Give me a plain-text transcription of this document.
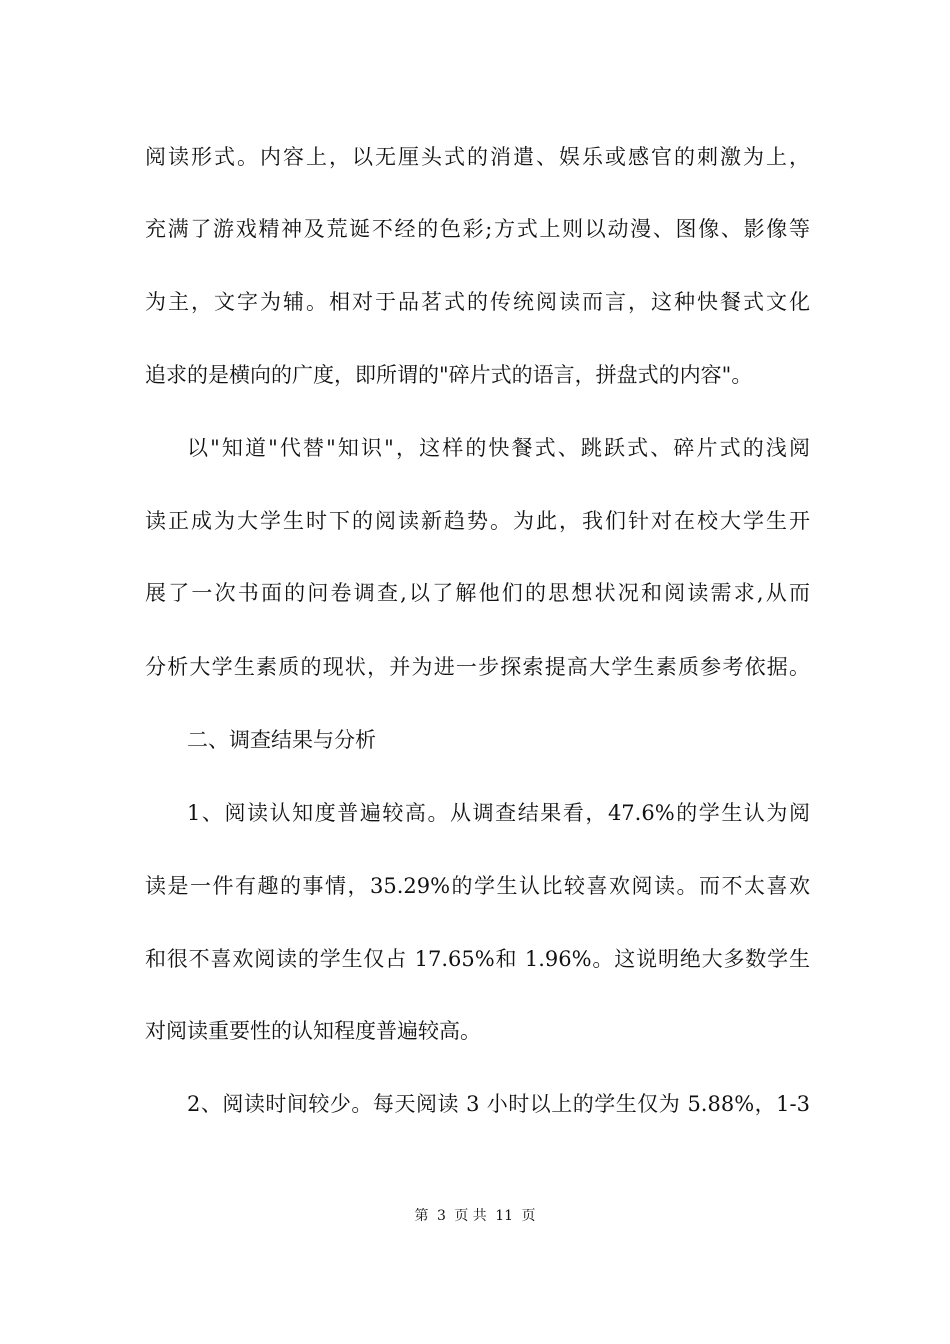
阅读形式。内容上，以无厘头式的消遣、娱乐或感官的刺激为上，
充满了游戏精神及荒诞不经的色彩;方式上则以动漫、图像、影像等
为主，文字为辅。相对于品茗式的传统阅读而言，这种快餐式文化
追求的是横向的广度，即所谓的"碎片式的语言，拼盘式的内容"。
以"知道"代替"知识"，这样的快餐式、跳跃式、碎片式的浅阅
读正成为大学生时下的阅读新趋势。为此，我们针对在校大学生开
展了一次书面的问卷调查,以了解他们的思想状况和阅读需求,从而
分析大学生素质的现状，并为进一步探索提高大学生素质参考依据。
二、调查结果与分析
1、阅读认知度普遍较高。从调查结果看，47.6%的学生认为阅
读是一件有趣的事情，35.29%的学生认比较喜欢阅读。而不太喜欢
和很不喜欢阅读的学生仅占 17.65%和 1.96%。这说明绝大多数学生
对阅读重要性的认知程度普遍较高。
2、阅读时间较少。每天阅读 3 小时以上的学生仅为 5.88%，1-3
第 3 页 共 11 页
